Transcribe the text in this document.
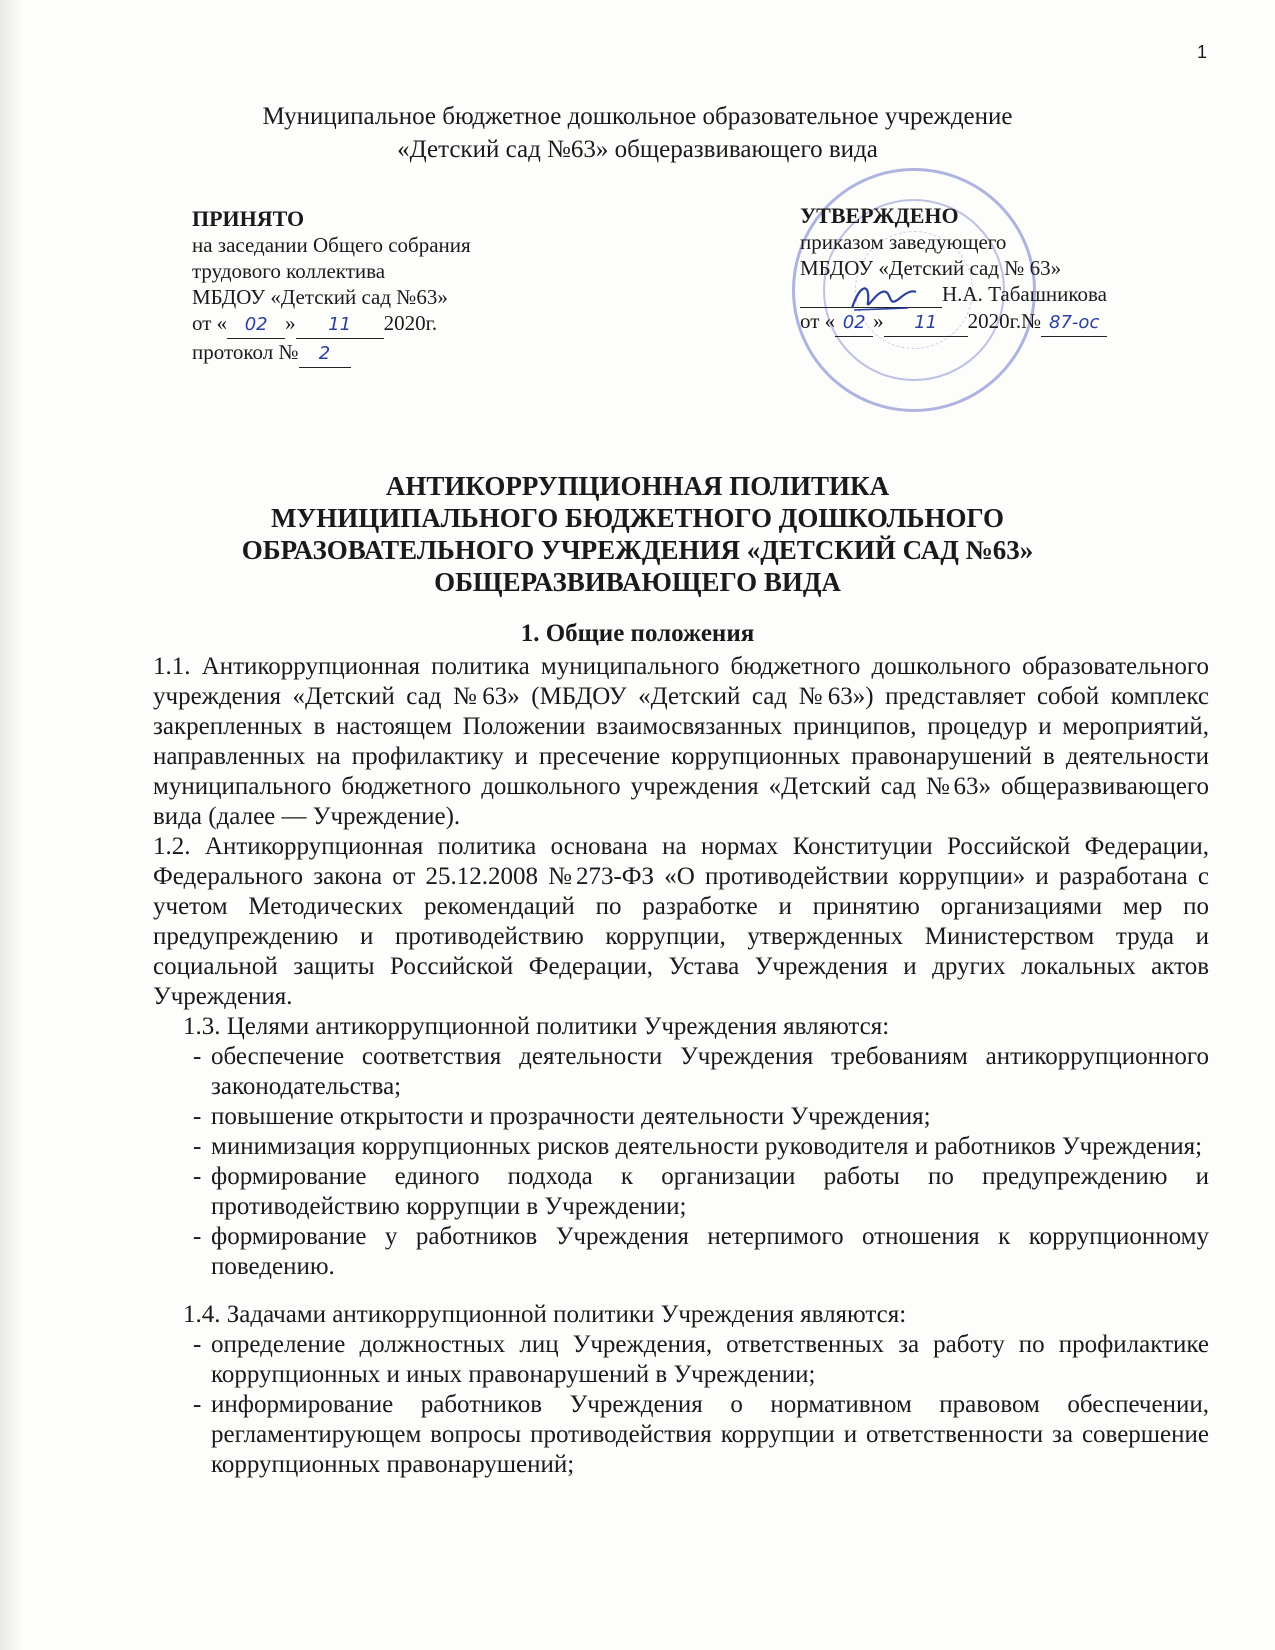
1
Муниципальное бюджетное дошкольное образовательное учреждение
«Детский сад №63» общеразвивающего вида
ПРИНЯТО
на заседании Общего собрания
трудового коллектива
МБДОУ «Детский сад №63»
от « 02 » 11 2020г.
протокол № 2
УТВЕРЖДЕНО
приказом заведующего
МБДОУ «Детский сад № 63»
Н.А. Табашникова
от « 02 » 11 2020г.№ 87-ос
АНТИКОРРУПЦИОННАЯ ПОЛИТИКА
МУНИЦИПАЛЬНОГО БЮДЖЕТНОГО ДОШКОЛЬНОГО
ОБРАЗОВАТЕЛЬНОГО УЧРЕЖДЕНИЯ «ДЕТСКИЙ САД №63»
ОБЩЕРАЗВИВАЮЩЕГО ВИДА
1. Общие положения

1.1. Антикоррупционная политика муниципального бюджетного дошкольного образовательного учреждения «Детский сад №63» (МБДОУ «Детский сад №63») представляет собой комплекс закрепленных в настоящем Положении взаимосвязанных принципов, процедур и мероприятий, направленных на профилактику и пресечение коррупционных правонарушений в деятельности муниципального бюджетного дошкольного учреждения «Детский сад №63» общеразвивающего вида (далее — Учреждение).

1.2. Антикоррупционная политика основана на нормах Конституции Российской Федерации, Федерального закона от 25.12.2008 №273-ФЗ «О противодействии коррупции» и разработана с учетом Методических рекомендаций по разработке и принятию организациями мер по предупреждению и противодействию коррупции, утвержденных Министерством труда и социальной защиты Российской Федерации, Устава Учреждения и других локальных актов Учреждения.

1.3. Целями антикоррупционной политики Учреждения являются:

- обеспечение соответствия деятельности Учреждения требованиям антикоррупционного законодательства;
- повышение открытости и прозрачности деятельности Учреждения;
- минимизация коррупционных рисков деятельности руководителя и работников Учреждения;
- формирование единого подхода к организации работы по предупреждению и противодействию коррупции в Учреждении;
- формирование у работников Учреждения нетерпимого отношения к коррупционному поведению.

1.4. Задачами антикоррупционной политики Учреждения являются:

- определение должностных лиц Учреждения, ответственных за работу по профилактике коррупционных и иных правонарушений в Учреждении;
- информирование работников Учреждения о нормативном правовом обеспечении, регламентирующем вопросы противодействия коррупции и ответственности за совершение коррупционных правонарушений;
